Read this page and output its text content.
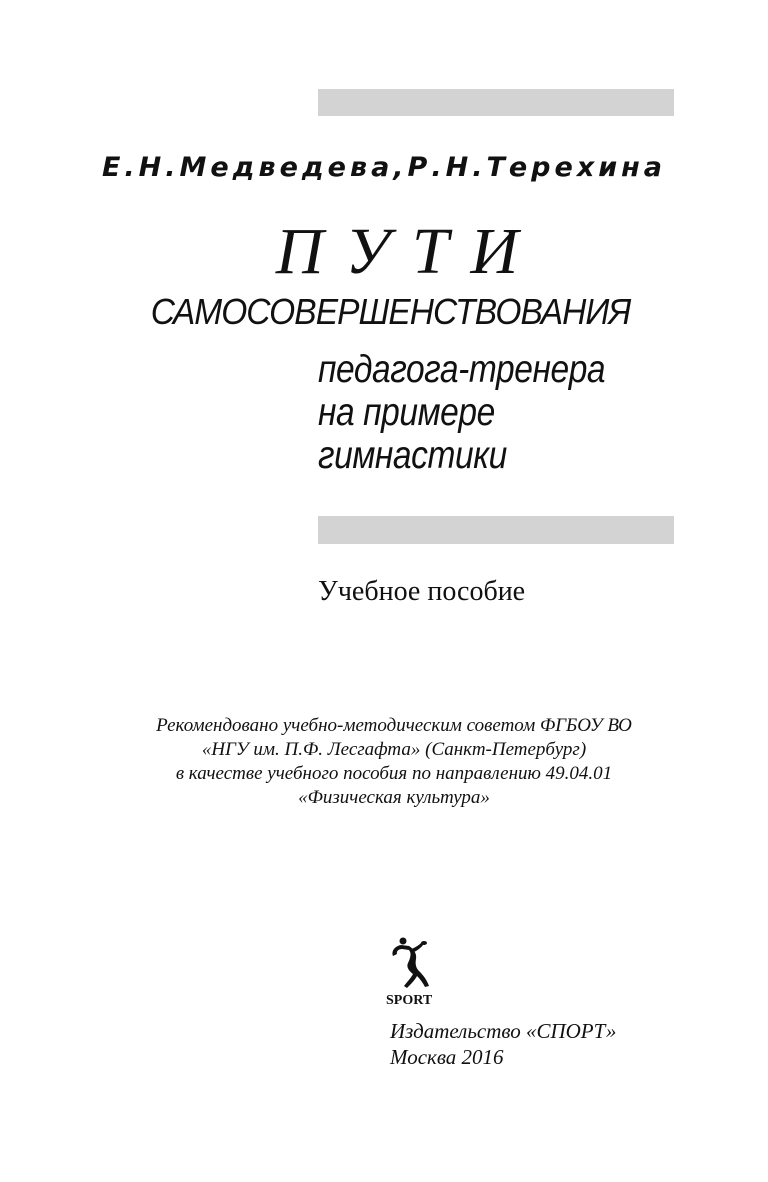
Е.Н.Медведева,Р.Н.Терехина
ПУТИ
САМОСОВЕРШЕНСТВОВАНИЯ
педагога-тренера
на примере
гимнастики
Учебное пособие
Рекомендовано учебно-методическим советом ФГБОУ ВО
«НГУ им. П.Ф. Лесгафта» (Санкт-Петербург)
в качестве учебного пособия по направлению 49.04.01
«Физическая культура»
SPORT
Издательство «СПОРТ»
Москва 2016
